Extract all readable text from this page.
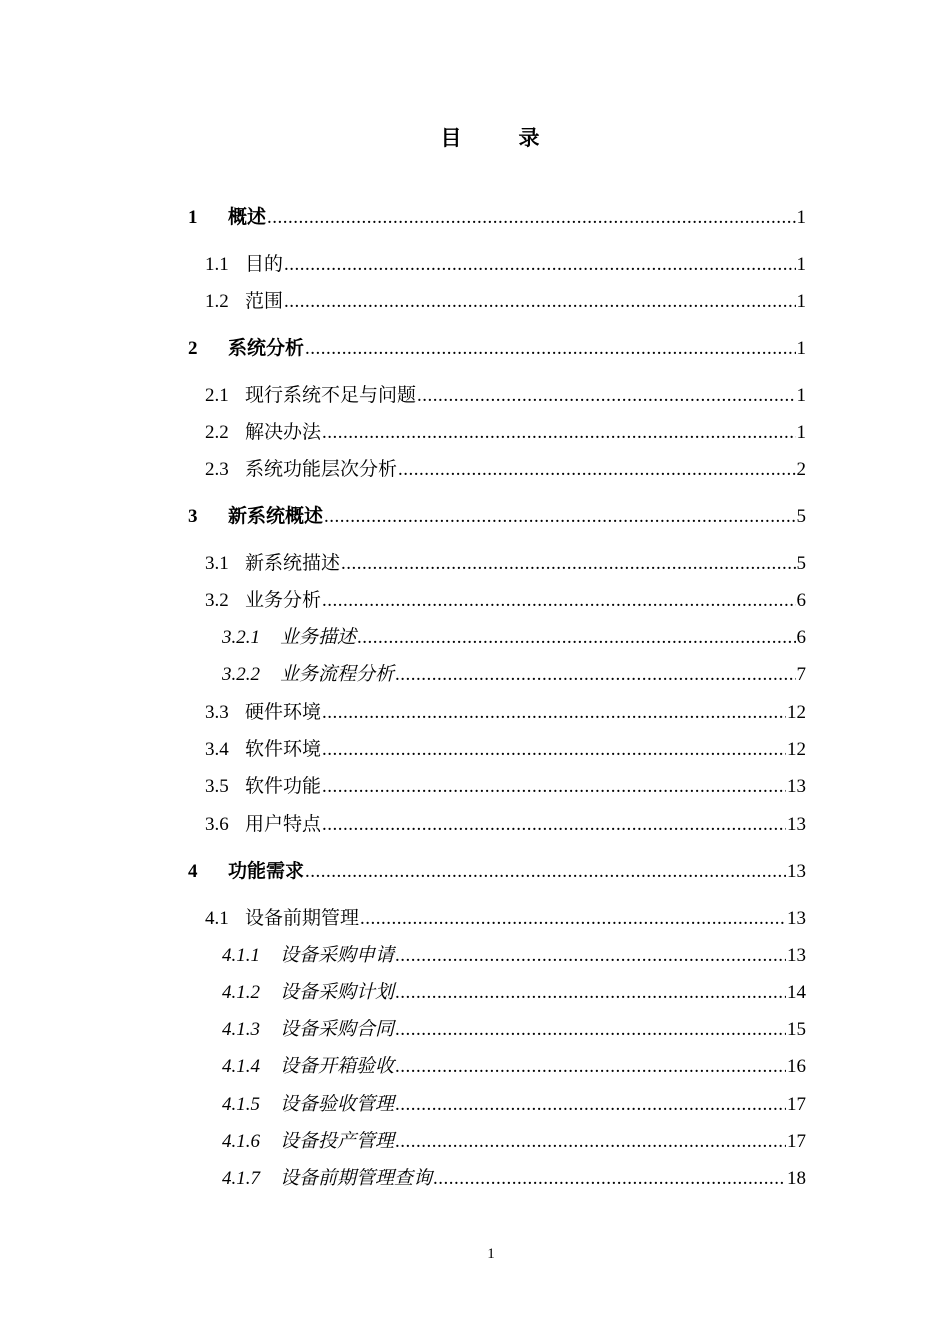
目　录
1	概述 .....	1
1.1 目的 .....	1
1.2 范围 .....	1
2	系统分析 .....	1
2.1 现行系统不足与问题 .....	1
2.2 解决办法 .....	1
2.3 系统功能层次分析 .....	2
3	新系统概述 .....	5
3.1 新系统描述 .....	5
3.2 业务分析 .....	6
3.2.1	业务描述 .....	6
3.2.2	业务流程分析 .....	7
3.3 硬件环境 .....	12
3.4 软件环境 .....	12
3.5 软件功能 .....	13
3.6 用户特点 .....	13
4	功能需求 .....	13
4.1 设备前期管理 .....	13
4.1.1	设备采购申请 .....	13
4.1.2	设备采购计划 .....	14
4.1.3	设备采购合同 .....	15
4.1.4	设备开箱验收 .....	16
4.1.5	设备验收管理 .....	17
4.1.6	设备投产管理 .....	17
4.1.7	设备前期管理查询 .....	18
1
